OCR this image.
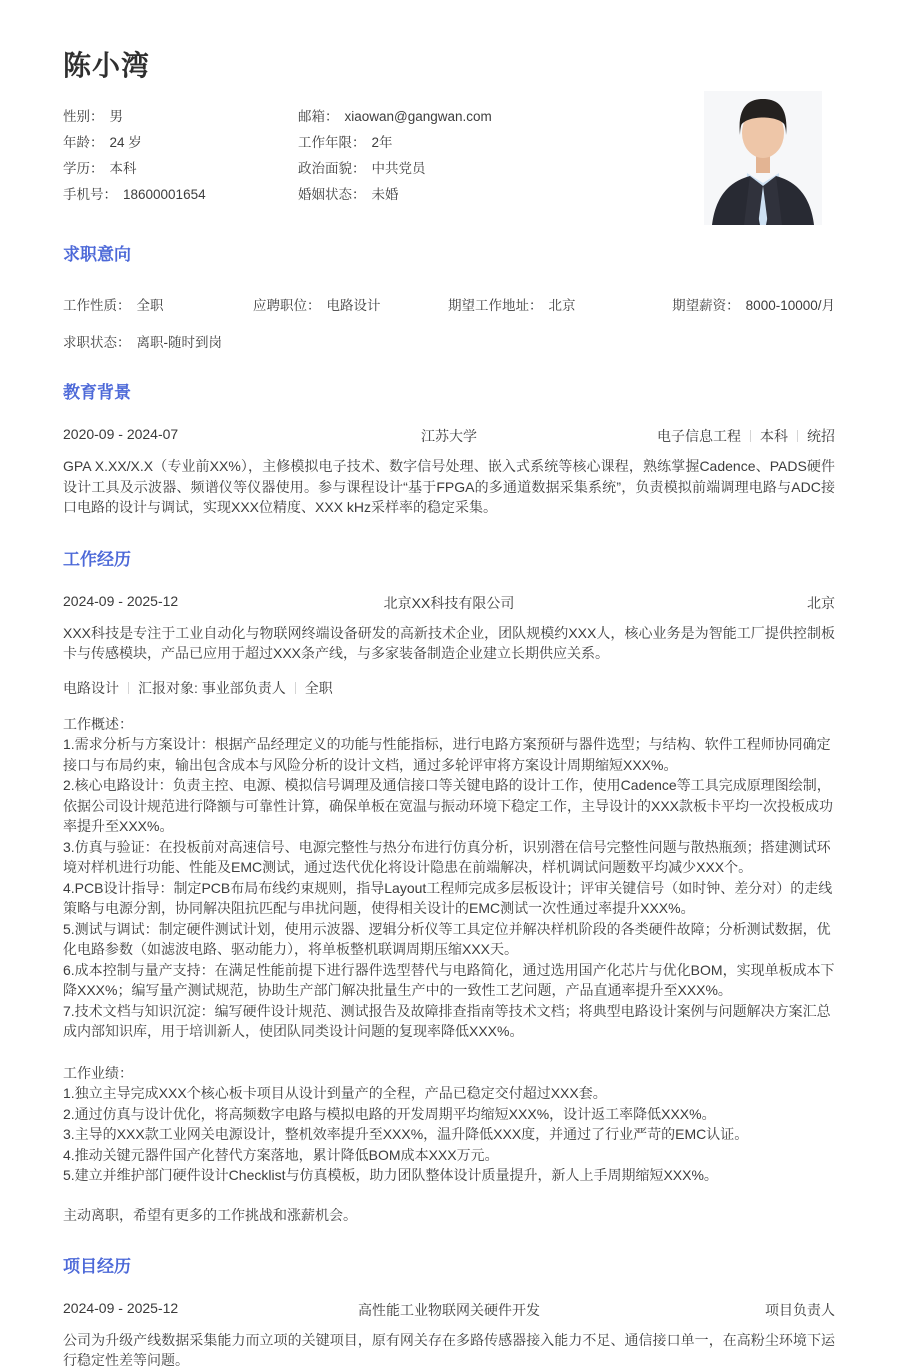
陈小湾
性别： 男	邮箱： xiaowan@gangwan.com
年龄： 24 岁	工作年限： 2年
学历： 本科	政治面貌： 中共党员
手机号： 18600001654	婚姻状态： 未婚
求职意向
工作性质： 全职	应聘职位： 电路设计	期望工作地址： 北京	期望薪资： 8000-10000/月
求职状态： 离职-随时到岗
教育背景
2020-09 - 2024-07	江苏大学	电子信息工程 本科 统招

GPA X.XX/X.X（专业前XX%），主修模拟电子技术、数字信号处理、嵌入式系统等核心课程，熟练掌握Cadence、PADS硬件设计工具及示波器、频谱仪等仪器使用。参与课程设计“基于FPGA的多通道数据采集系统”，负责模拟前端调理电路与ADC接口电路的设计与调试，实现XXX位精度、XXX kHz采样率的稳定采集。

工作经历
2024-09 - 2025-12	北京XX科技有限公司	北京

XXX科技是专注于工业自动化与物联网终端设备研发的高新技术企业，团队规模约XXX人，核心业务是为智能工厂提供控制板卡与传感模块，产品已应用于超过XXX条产线，与多家装备制造企业建立长期供应关系。

电路设计 汇报对象: 事业部负责人 全职
工作概述：
1.需求分析与方案设计：根据产品经理定义的功能与性能指标，进行电路方案预研与器件选型；与结构、软件工程师协同确定接口与布局约束，输出包含成本与风险分析的设计文档，通过多轮评审将方案设计周期缩短XXX%。
2.核心电路设计：负责主控、电源、模拟信号调理及通信接口等关键电路的设计工作，使用Cadence等工具完成原理图绘制，依据公司设计规范进行降额与可靠性计算，确保单板在宽温与振动环境下稳定工作，主导设计的XXX款板卡平均一次投板成功率提升至XXX%。
3.仿真与验证：在投板前对高速信号、电源完整性与热分布进行仿真分析，识别潜在信号完整性问题与散热瓶颈；搭建测试环境对样机进行功能、性能及EMC测试，通过迭代优化将设计隐患在前端解决，样机调试问题数平均减少XXX个。
4.PCB设计指导：制定PCB布局布线约束规则，指导Layout工程师完成多层板设计；评审关键信号（如时钟、差分对）的走线策略与电源分割，协同解决阻抗匹配与串扰问题，使得相关设计的EMC测试一次性通过率提升XXX%。
5.测试与调试：制定硬件测试计划，使用示波器、逻辑分析仪等工具定位并解决样机阶段的各类硬件故障；分析测试数据，优化电路参数（如滤波电路、驱动能力），将单板整机联调周期压缩XXX天。
6.成本控制与量产支持：在满足性能前提下进行器件选型替代与电路简化，通过选用国产化芯片与优化BOM，实现单板成本下降XXX%；编写量产测试规范，协助生产部门解决批量生产中的一致性工艺问题，产品直通率提升至XXX%。
7.技术文档与知识沉淀：编写硬件设计规范、测试报告及故障排查指南等技术文档；将典型电路设计案例与问题解决方案汇总成内部知识库，用于培训新人，使团队同类设计问题的复现率降低XXX%。
工作业绩：
1.独立主导完成XXX个核心板卡项目从设计到量产的全程，产品已稳定交付超过XXX套。
2.通过仿真与设计优化，将高频数字电路与模拟电路的开发周期平均缩短XXX%，设计返工率降低XXX%。
3.主导的XXX款工业网关电源设计，整机效率提升至XXX%，温升降低XXX度，并通过了行业严苛的EMC认证。
4.推动关键元器件国产化替代方案落地，累计降低BOM成本XXX万元。
5.建立并维护部门硬件设计Checklist与仿真模板，助力团队整体设计质量提升，新人上手周期缩短XXX%。

主动离职，希望有更多的工作挑战和涨薪机会。

项目经历
2024-09 - 2025-12	高性能工业物联网关硬件开发	项目负责人

公司为升级产线数据采集能力而立项的关键项目，原有网关存在多路传感器接入能力不足、通信接口单一，在高粉尘环境下运行稳定性差等问题。
